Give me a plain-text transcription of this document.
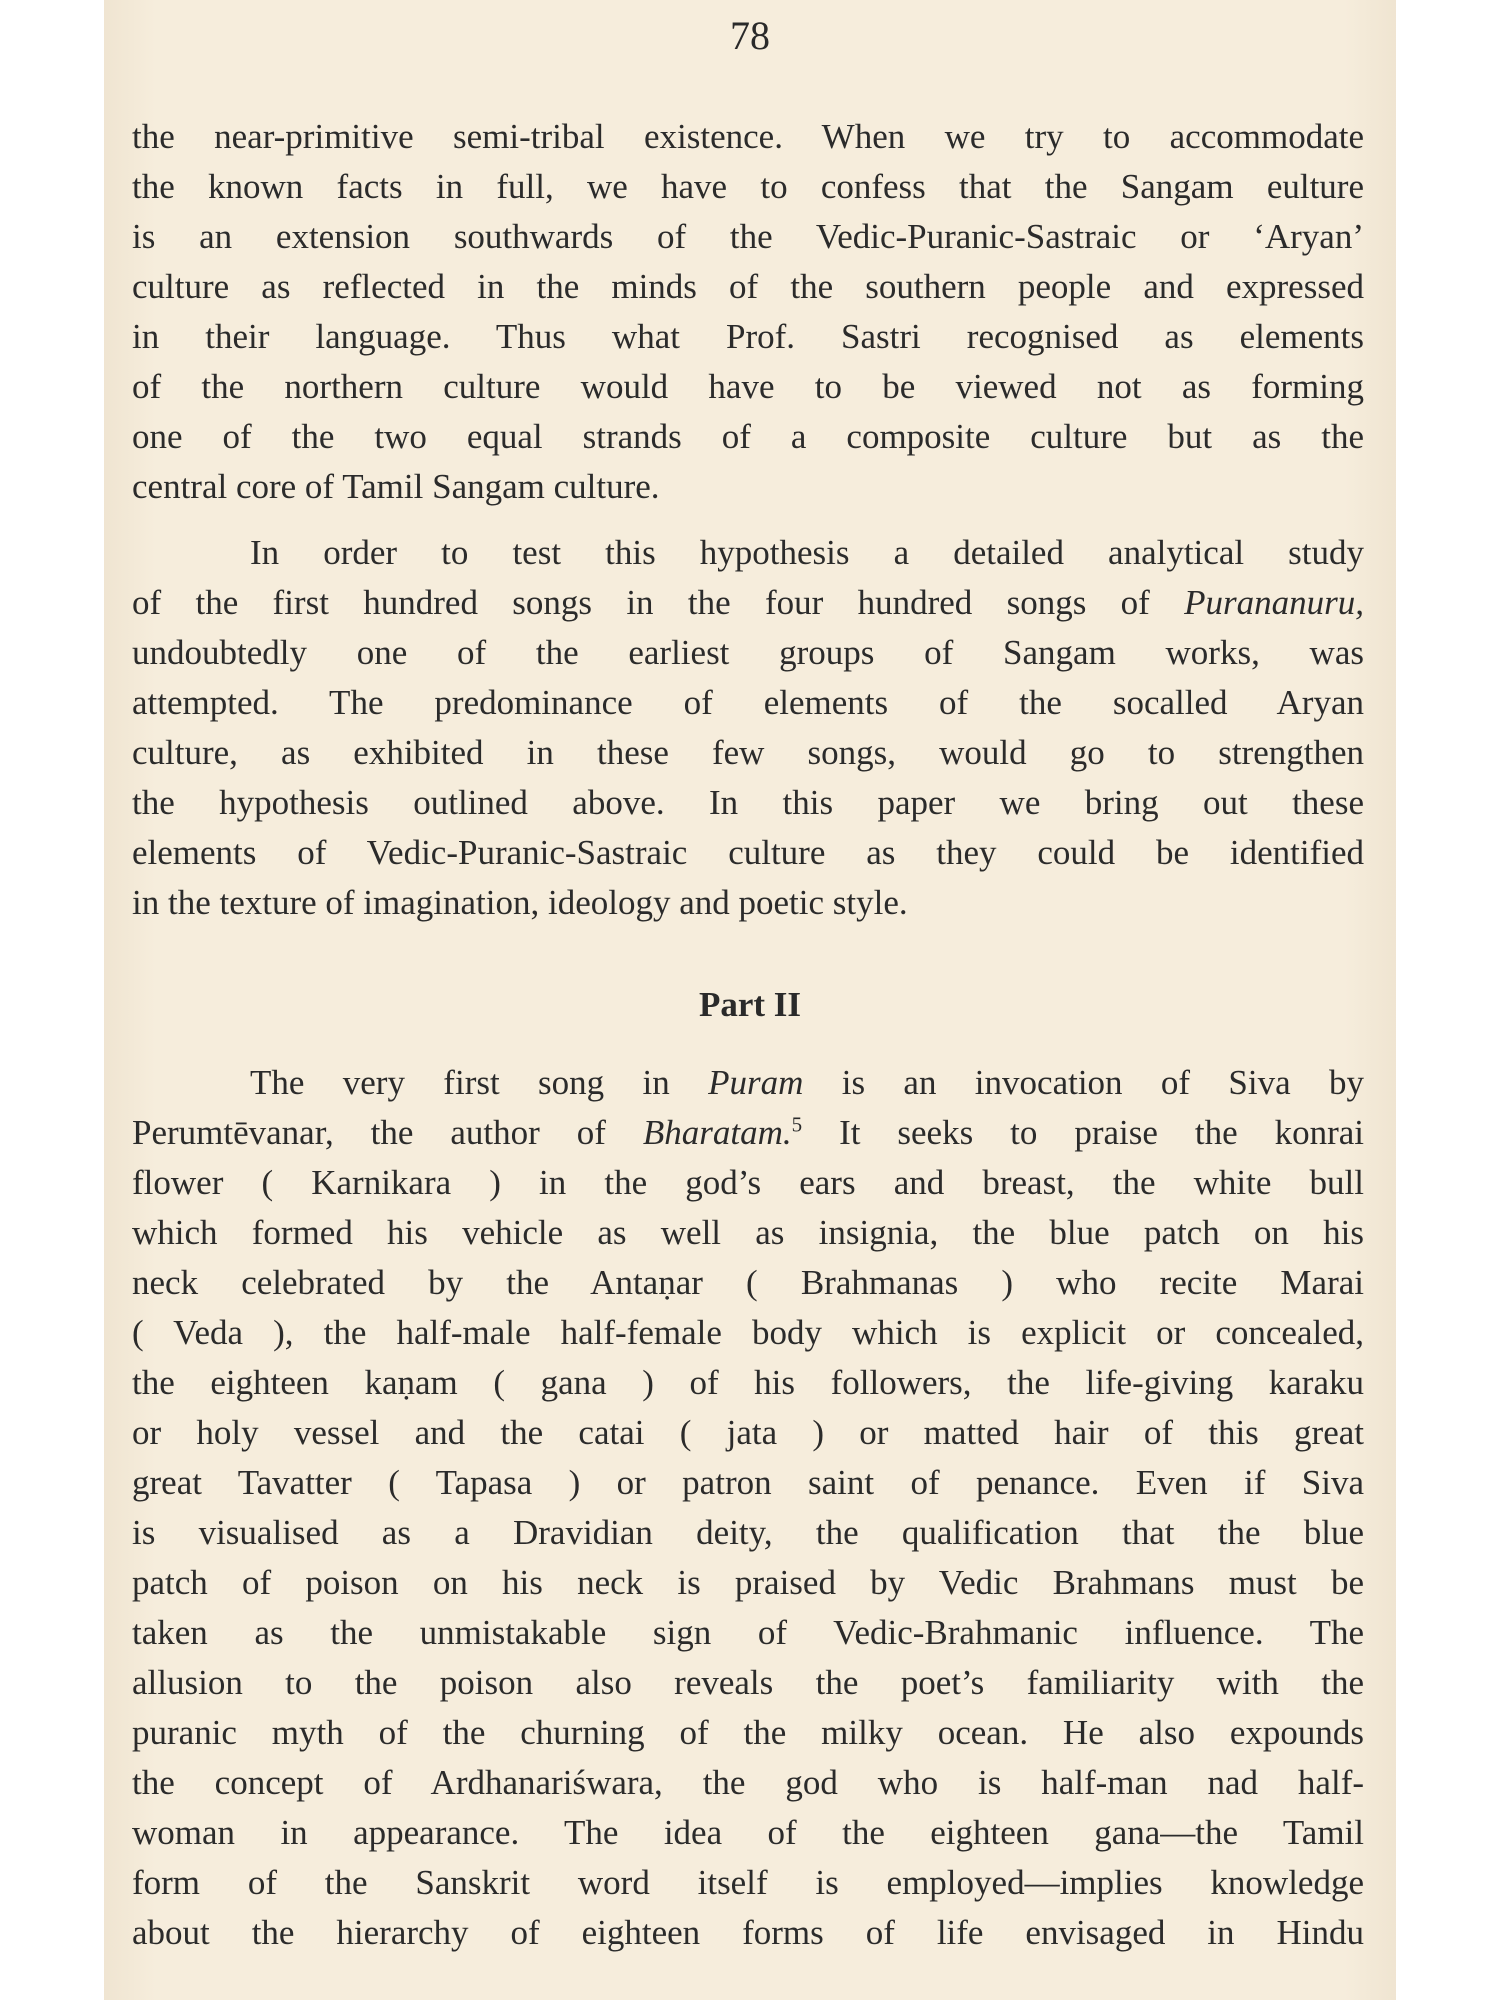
78

the near-primitive semi-tribal existence. When we try to accommodate
the known facts in full, we have to confess that the Sangam eulture
is an extension southwards of the Vedic-Puranic-Sastraic or ‘Aryan’
culture as reflected in the minds of the southern people and expressed
in their language. Thus what Prof. Sastri recognised as elements
of the northern culture would have to be viewed not as forming
one of the two equal strands of a composite culture but as the
central core of Tamil Sangam culture.
In order to test this hypothesis a detailed analytical study
of the first hundred songs in the four hundred songs of Purananuru,
undoubtedly one of the earliest groups of Sangam works, was
attempted. The predominance of elements of the socalled Aryan
culture, as exhibited in these few songs, would go to strengthen
the hypothesis outlined above. In this paper we bring out these
elements of Vedic-Puranic-Sastraic culture as they could be identified
in the texture of imagination, ideology and poetic style.

Part II

The very first song in Puram is an invocation of Siva by
Perumtēvanar, the author of Bharatam.$^5$ It seeks to praise the konrai
flower ( Karnikara ) in the god’s ears and breast, the white bull
which formed his vehicle as well as insignia, the blue patch on his
neck celebrated by the Antaṇar ( Brahmanas ) who recite Marai
( Veda ), the half-male half-female body which is explicit or concealed,
the eighteen kaṇam ( gana ) of his followers, the life-giving karaku
or holy vessel and the catai ( jata ) or matted hair of this great
great Tavatter ( Tapasa ) or patron saint of penance. Even if Siva
is visualised as a Dravidian deity, the qualification that the blue
patch of poison on his neck is praised by Vedic Brahmans must be
taken as the unmistakable sign of Vedic-Brahmanic influence. The
allusion to the poison also reveals the poet’s familiarity with the
puranic myth of the churning of the milky ocean. He also expounds
the concept of Ardhanariśwara, the god who is half-man nad half-
woman in appearance. The idea of the eighteen gana—the Tamil
form of the Sanskrit word itself is employed—implies knowledge
about the hierarchy of eighteen forms of life envisaged in Hindu
